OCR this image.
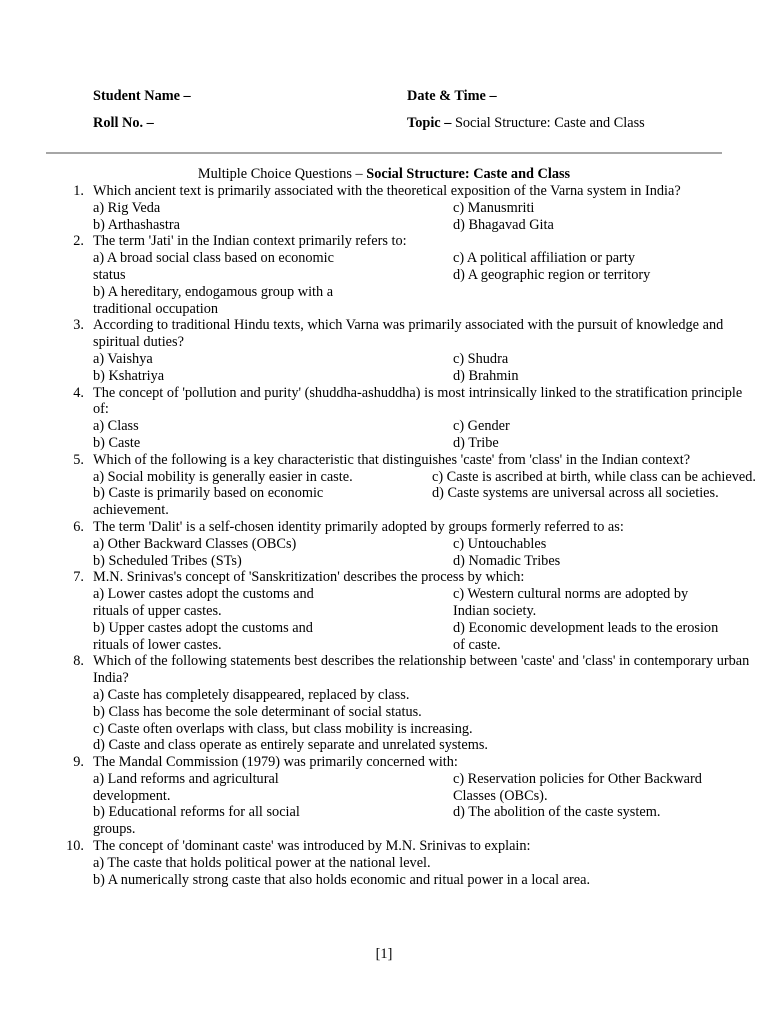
Student Name –	Date & Time –
Roll No. –	Topic – Social Structure: Caste and Class
Multiple Choice Questions – Social Structure: Caste and Class
1. Which ancient text is primarily associated with the theoretical exposition of the Varna system in India?
a) Rig Veda
b) Arthashastra
c) Manusmriti
d) Bhagavad Gita
2. The term 'Jati' in the Indian context primarily refers to:
a) A broad social class based on economic status
b) A hereditary, endogamous group with a traditional occupation
c) A political affiliation or party
d) A geographic region or territory
3. According to traditional Hindu texts, which Varna was primarily associated with the pursuit of knowledge and spiritual duties?
a) Vaishya
b) Kshatriya
c) Shudra
d) Brahmin
4. The concept of 'pollution and purity' (shuddha-ashuddha) is most intrinsically linked to the stratification principle of:
a) Class
b) Caste
c) Gender
d) Tribe
5. Which of the following is a key characteristic that distinguishes 'caste' from 'class' in the Indian context?
a) Social mobility is generally easier in caste.
b) Caste is primarily based on economic achievement.
c) Caste is ascribed at birth, while class can be achieved.
d) Caste systems are universal across all societies.
6. The term 'Dalit' is a self-chosen identity primarily adopted by groups formerly referred to as:
a) Other Backward Classes (OBCs)
b) Scheduled Tribes (STs)
c) Untouchables
d) Nomadic Tribes
7. M.N. Srinivas's concept of 'Sanskritization' describes the process by which:
a) Lower castes adopt the customs and rituals of upper castes.
b) Upper castes adopt the customs and rituals of lower castes.
c) Western cultural norms are adopted by Indian society.
d) Economic development leads to the erosion of caste.
8. Which of the following statements best describes the relationship between 'caste' and 'class' in contemporary urban India?
a) Caste has completely disappeared, replaced by class.
b) Class has become the sole determinant of social status.
c) Caste often overlaps with class, but class mobility is increasing.
d) Caste and class operate as entirely separate and unrelated systems.
9. The Mandal Commission (1979) was primarily concerned with:
a) Land reforms and agricultural development.
b) Educational reforms for all social groups.
c) Reservation policies for Other Backward Classes (OBCs).
d) The abolition of the caste system.
10. The concept of 'dominant caste' was introduced by M.N. Srinivas to explain:
a) The caste that holds political power at the national level.
b) A numerically strong caste that also holds economic and ritual power in a local area.
[1]
